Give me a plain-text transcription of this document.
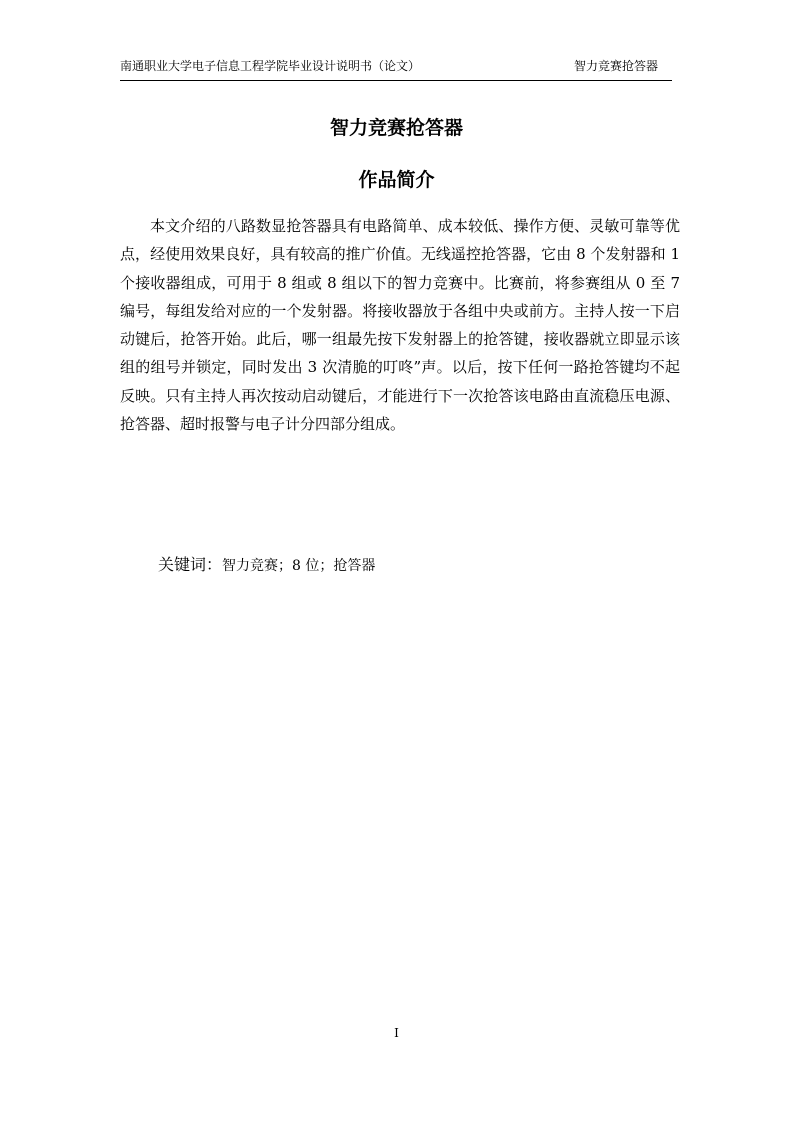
南通职业大学电子信息工程学院毕业设计说明书（论文）	智力竞赛抢答器
智力竞赛抢答器
作品简介

本文介绍的八路数显抢答器具有电路简单、成本较低、操作方便、灵敏可靠等优点，经使用效果良好，具有较高的推广价值。无线遥控抢答器，它由 8 个发射器和 1 个接收器组成，可用于 8 组或 8 组以下的智力竞赛中。比赛前，将参赛组从 0 至 7 编号，每组发给对应的一个发射器。将接收器放于各组中央或前方。主持人按一下启动键后，抢答开始。此后，哪一组最先按下发射器上的抢答键，接收器就立即显示该组的组号并锁定，同时发出 3 次清脆的叮咚”声。以后，按下任何一路抢答键均不起反映。只有主持人再次按动启动键后，才能进行下一次抢答该电路由直流稳压电源、抢答器、超时报警与电子计分四部分组成。

关键词：智力竞赛；8 位；抢答器
I
